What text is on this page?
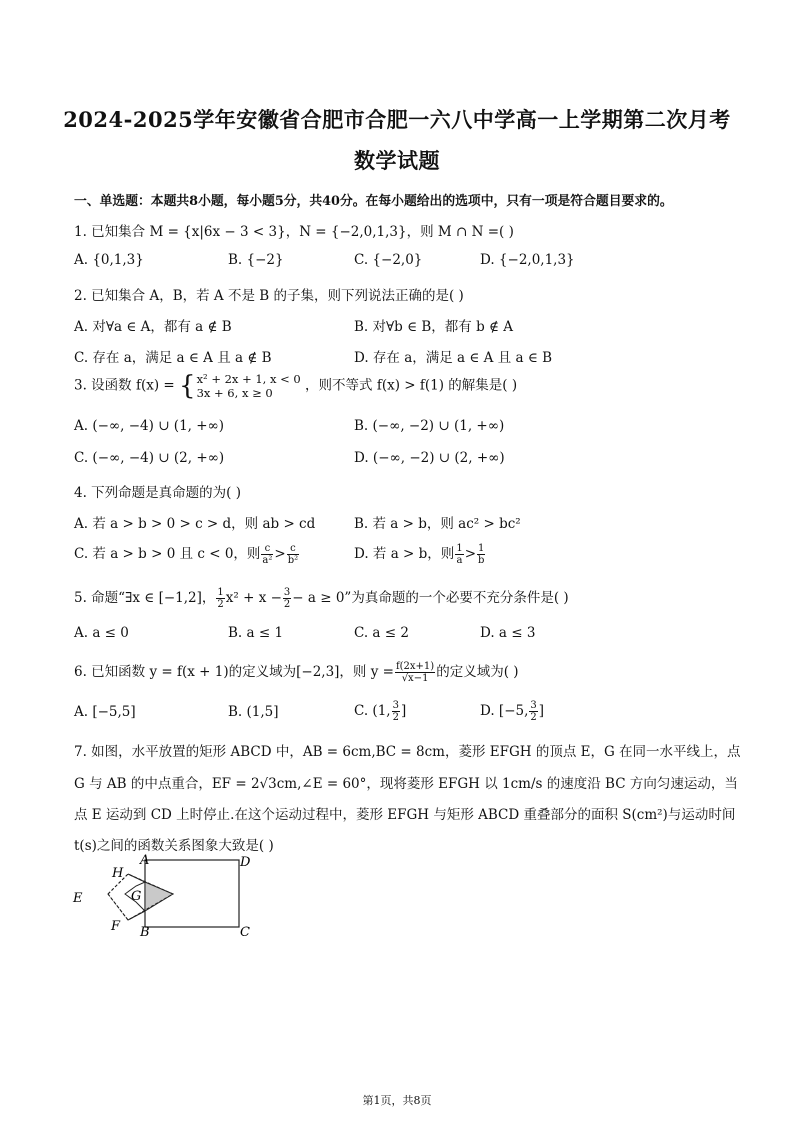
2024-2025学年安徽省合肥市合肥一六八中学高一上学期第二次月考
数学试题
一、单选题：本题共8小题，每小题5分，共40分。在每小题给出的选项中，只有一项是符合题目要求的。
1. 已知集合 M = {x|6x − 3 < 3}，N = {−2,0,1,3}，则 M ∩ N =( )
A. {0,1,3}	B. {−2}	C. {−2,0}	D. {−2,0,1,3}
2. 已知集合 A，B，若 A 不是 B 的子集，则下列说法正确的是( )
A. 对∀a ∈ A，都有 a ∉ B	B. 对∀b ∈ B，都有 b ∉ A
C. 存在 a，满足 a ∈ A 且 a ∉ B	D. 存在 a，满足 a ∈ A 且 a ∈ B
3. 设函数 f(x) = { x² + 2x + 1, x < 0
3x + 6, x ≥ 0	，则不等式 f(x) > f(1) 的解集是( )
A. (−∞, −4) ∪ (1, +∞)	B. (−∞, −2) ∪ (1, +∞)
C. (−∞, −4) ∪ (2, +∞)	D. (−∞, −2) ∪ (2, +∞)
4. 下列命题是真命题的为( )
A. 若 a > b > 0 > c > d，则 ab > cd	B. 若 a > b，则 ac² > bc²
C. 若 a > b > 0 且 c < 0，则 $\frac{c}{\text{a²}} > \frac{c}{\text{b²}}$	D. 若 a > b，则 $\frac{1}{a} > \frac{1}{b}$
5. 命题“∃x ∈ [−1,2]， $\frac{1}{2} x^2 + x - \frac{3}{2} - a \ge 0$”为真命题的一个必要不充分条件是( )
A. a ≤ 0	B. a ≤ 1	C. a ≤ 2	D. a ≤ 3
6. 已知函数 y = f(x + 1)的定义域为[−2,3]，则 $y = \frac{f(2x+1)}{√x-1}$ 的定义域为( )
A. [−5,5]	B. (1,5]	C. (1, $\frac{3}{2}$ ]	D. [−5, $\frac{3}{2}$ ]
7. 如图，水平放置的矩形 ABCD 中，AB = 6cm,BC = 8cm，菱形 EFGH 的顶点 E，G 在同一水平线上，点
G 与 AB 的中点重合，EF = 2√3cm,∠E = 60°，现将菱形 EFGH 以 1cm/s 的速度沿 BC 方向匀速运动，当
点 E 运动到 CD 上时停止.在这个运动过程中，菱形 EFGH 与矩形 ABCD 重叠部分的面积 S(cm²)与运动时间
t(s)之间的函数关系图象大致是( )
A
B	C
D
E
F
G
H
第1页，共8页
